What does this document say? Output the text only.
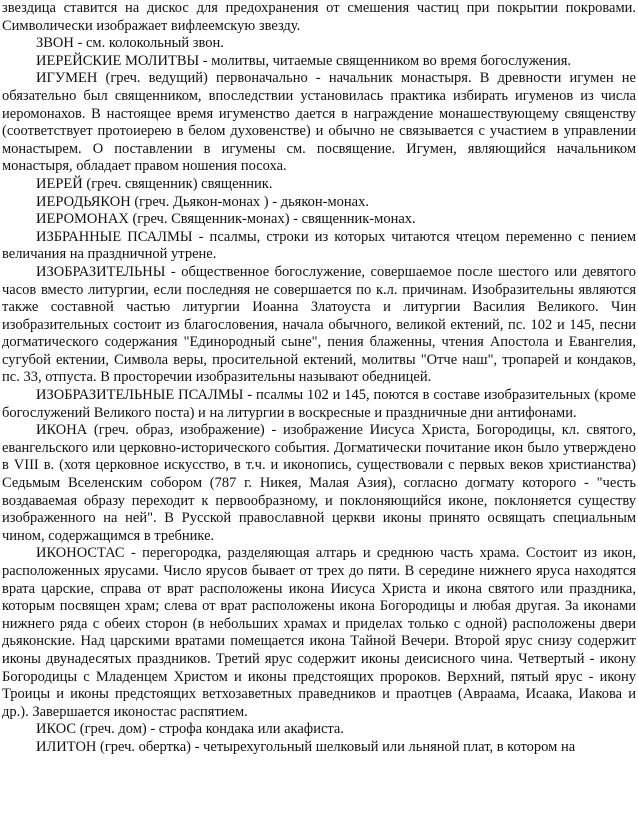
звездица ставится на дискос для предохранения от смешения частиц при покрытии покровами. Символически изображает вифлеемскую звезду.

ЗВОН - см. колокольный звон.

ИЕРЕЙСКИЕ МОЛИТВЫ - молитвы, читаемые священником во время богослужения.

ИГУМЕН (греч. ведущий) первоначально - начальник монастыря. В древности игумен не обязательно был священником, впоследствии установилась практика избирать игуменов из числа иеромонахов. В настоящее время игуменство дается в награждение монашествующему священству (соответствует протоиерею в белом духовенстве) и обычно не связывается с участием в управлении монастырем. О поставлении в игумены см. посвящение. Игумен, являющийся начальником монастыря, обладает правом ношения посоха.

ИЕРЕЙ (греч. священник) священник.

ИЕРОДЬЯКОН (греч. Дьякон-монах ) - дьякон-монах.

ИЕРОМОНАХ (греч. Священник-монах) - священник-монах.

ИЗБРАННЫЕ ПСАЛМЫ - псалмы, строки из которых читаются чтецом переменно с пением величания на праздничной утрене.

ИЗОБРАЗИТЕЛЬНЫ - общественное богослужение, совершаемое после шестого или девятого часов вместо литургии, если последняя не совершается по к.л. причинам. Изобразительны являются также составной частью литургии Иоанна Златоуста и литургии Василия Великого. Чин изобразительных состоит из благословения, начала обычного, великой ектений, пс. 102 и 145, песни догматического содержания "Единородный сыне", пения блаженны, чтения Апостола и Евангелия, сугубой ектении, Символа веры, просительной ектений, молитвы "Отче наш", тропарей и кондаков, пс. 33, отпуста. В просторечии изобразительны называют обедницей.

ИЗОБРАЗИТЕЛЬНЫЕ ПСАЛМЫ - псалмы 102 и 145, поются в составе изобразительных (кроме богослужений Великого поста) и на литургии в воскресные и праздничные дни антифонами.

ИКОНА (греч. образ, изображение) - изображение Иисуса Христа, Богородицы, кл. святого, евангельского или церковно-исторического события. Догматически почитание икон было утверждено в VIII в. (хотя церковное искусство, в т.ч. и иконопись, существовали с первых веков христианства) Седьмым Вселенским собором (787 г. Никея, Малая Азия), согласно догмату которого - "честь воздаваемая образу переходит к первообразному, и поклоняющийся иконе, поклоняется существу изображенного на ней". В Русской православной церкви иконы принято освящать специальным чином, содержащимся в требнике.

ИКОНОСТАС - перегородка, разделяющая алтарь и среднюю часть храма. Состоит из икон, расположенных ярусами. Число ярусов бывает от трех до пяти. В середине нижнего яруса находятся врата царские, справа от врат расположены икона Иисуса Христа и икона святого или праздника, которым посвящен храм; слева от врат расположены икона Богородицы и любая другая. За иконами нижнего ряда с обеих сторон (в небольших храмах и приделах только с одной) расположены двери дьяконские. Над царскими вратами помещается икона Тайной Вечери. Второй ярус снизу содержит иконы двунадесятых праздников. Третий ярус содержит иконы деисисного чина. Четвертый - икону Богородицы с Младенцем Христом и иконы предстоящих пророков. Верхний, пятый ярус - икону Троицы и иконы предстоящих ветхозаветных праведников и праотцев (Авраама, Исаака, Иакова и др.). Завершается иконостас распятием.

ИКОС (греч. дом) - строфа кондака или акафиста.

ИЛИТОН (греч. обертка) - четырехугольный шелковый или льняной плат, в котором на
